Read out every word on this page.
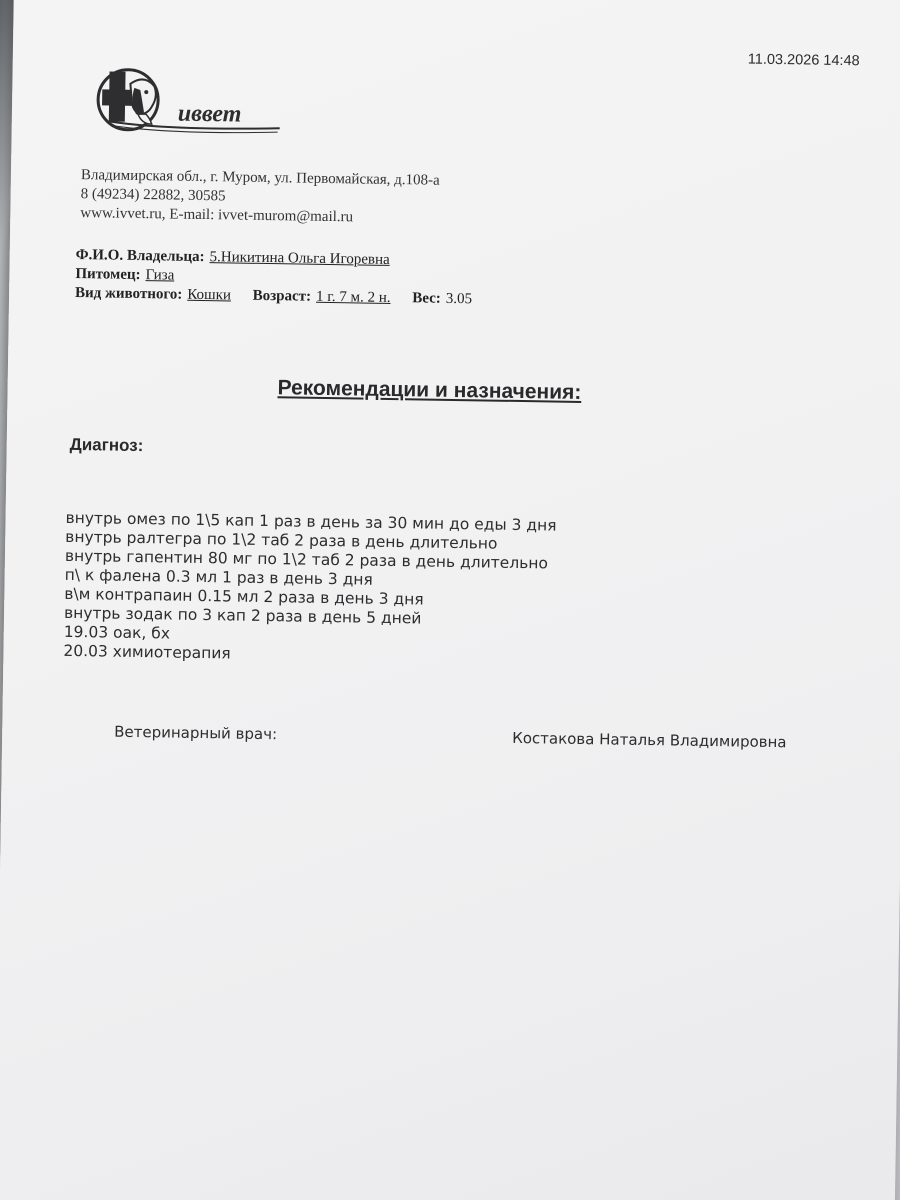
11.03.2026 14:48
иввет
Владимирская обл., г. Муром, ул. Первомайская, д.108-а
8 (49234) 22882, 30585
www.ivvet.ru, E-mail: ivvet-murom@mail.ru
Ф.И.О. Владельца: 5.Никитина Ольга Игоревна
Питомец: Гиза
Вид животного: Кошки Возраст: 1 г. 7 м. 2 н. Вес: 3.05
Рекомендации и назначения:
Диагноз:
внутрь омез по 1\5 кап 1 раз в день за 30 мин до еды 3 дня
внутрь ралтегра по 1\2 таб 2 раза в день длительно
внутрь гапентин 80 мг по 1\2 таб 2 раза в день длительно
п\ к фалена 0.3 мл 1 раз в день 3 дня
в\м контрапаин 0.15 мл 2 раза в день 3 дня
внутрь зодак по 3 кап 2 раза в день 5 дней
19.03 оак, бх
20.03 химиотерапия
Ветеринарный врач:	Костакова Наталья Владимировна
